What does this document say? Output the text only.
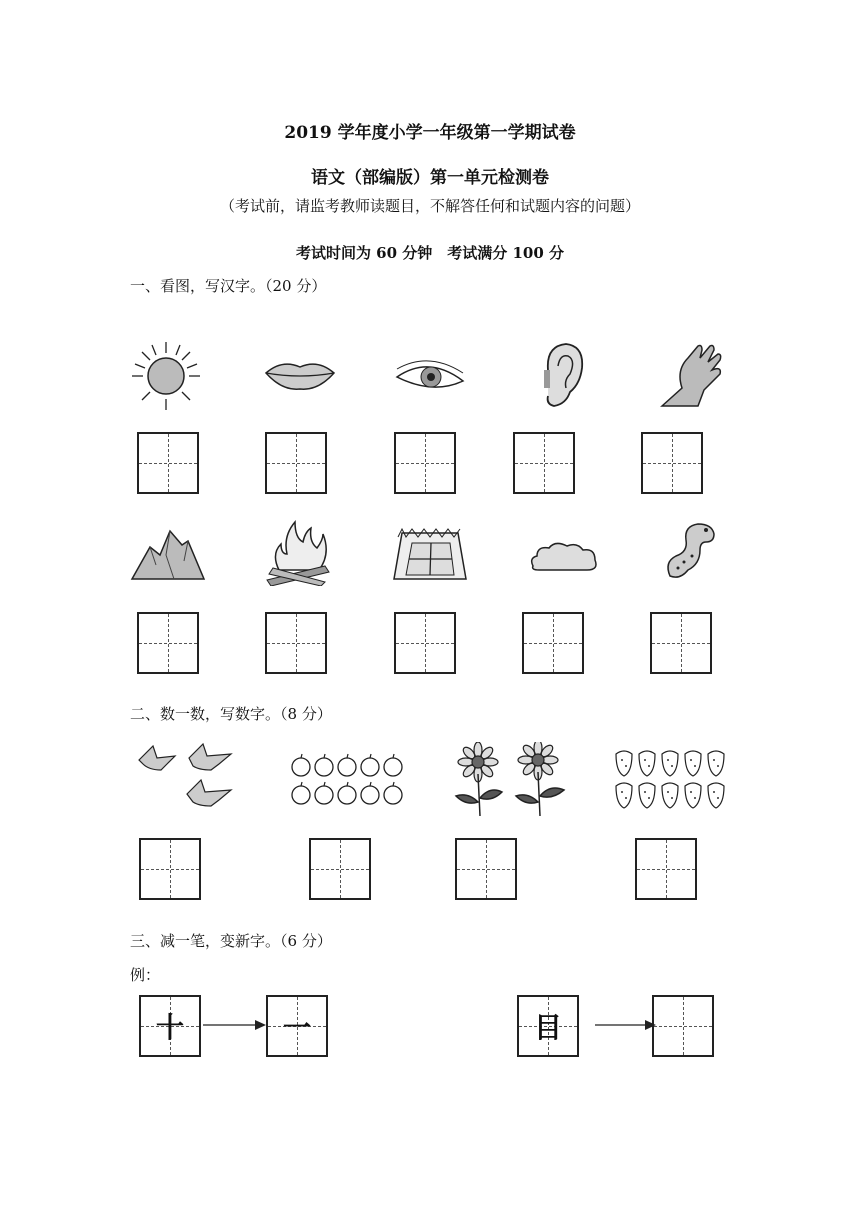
2019 学年度小学一年级第一学期试卷
语文（部编版）第一单元检测卷
（考试前，请监考教师读题目，不解答任何和试题内容的问题）
考试时间为 60 分钟　考试满分 100 分
一、看图，写汉字。（20 分）
二、数一数，写数字。（8 分）
三、减一笔，变新字。（6 分）
例：
十	一	目
